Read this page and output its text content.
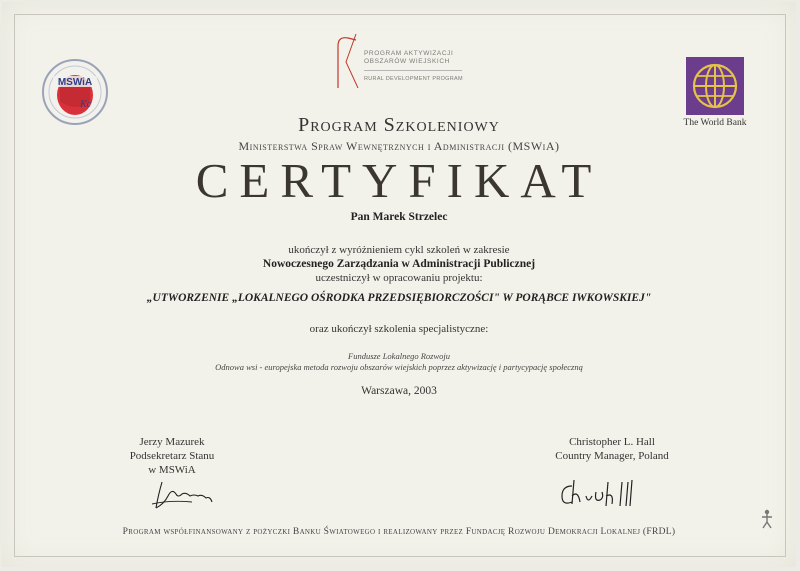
PROGRAM AKTYWIZACJI
OBSZARÓW WIEJSKICH
RURAL DEVELOPMENT PROGRAM
MSWiA
Kc
The World Bank
Program Szkoleniowy
Ministerstwa Spraw Wewnętrznych i Administracji (MSWiA)
CERTYFIKAT
Pan Marek Strzelec
ukończył z wyróżnieniem cykl szkoleń w zakresie
Nowoczesnego Zarządzania w Administracji Publicznej
uczestniczył w opracowaniu projektu:
„UTWORZENIE „LOKALNEGO OŚRODKA PRZEDSIĘBIORCZOŚCI" W PORĄBCE IWKOWSKIEJ"
oraz ukończył szkolenia specjalistyczne:
Fundusze Lokalnego Rozwoju
Odnowa wsi - europejska metoda rozwoju obszarów wiejskich poprzez aktywizację i partycypację społeczną
Warszawa, 2003
Jerzy Mazurek
Podsekretarz Stanu
w MSWiA
Christopher L. Hall
Country Manager, Poland
Program współfinansowany z pożyczki Banku Światowego i realizowany przez Fundację Rozwoju Demokracji Lokalnej (FRDL)
